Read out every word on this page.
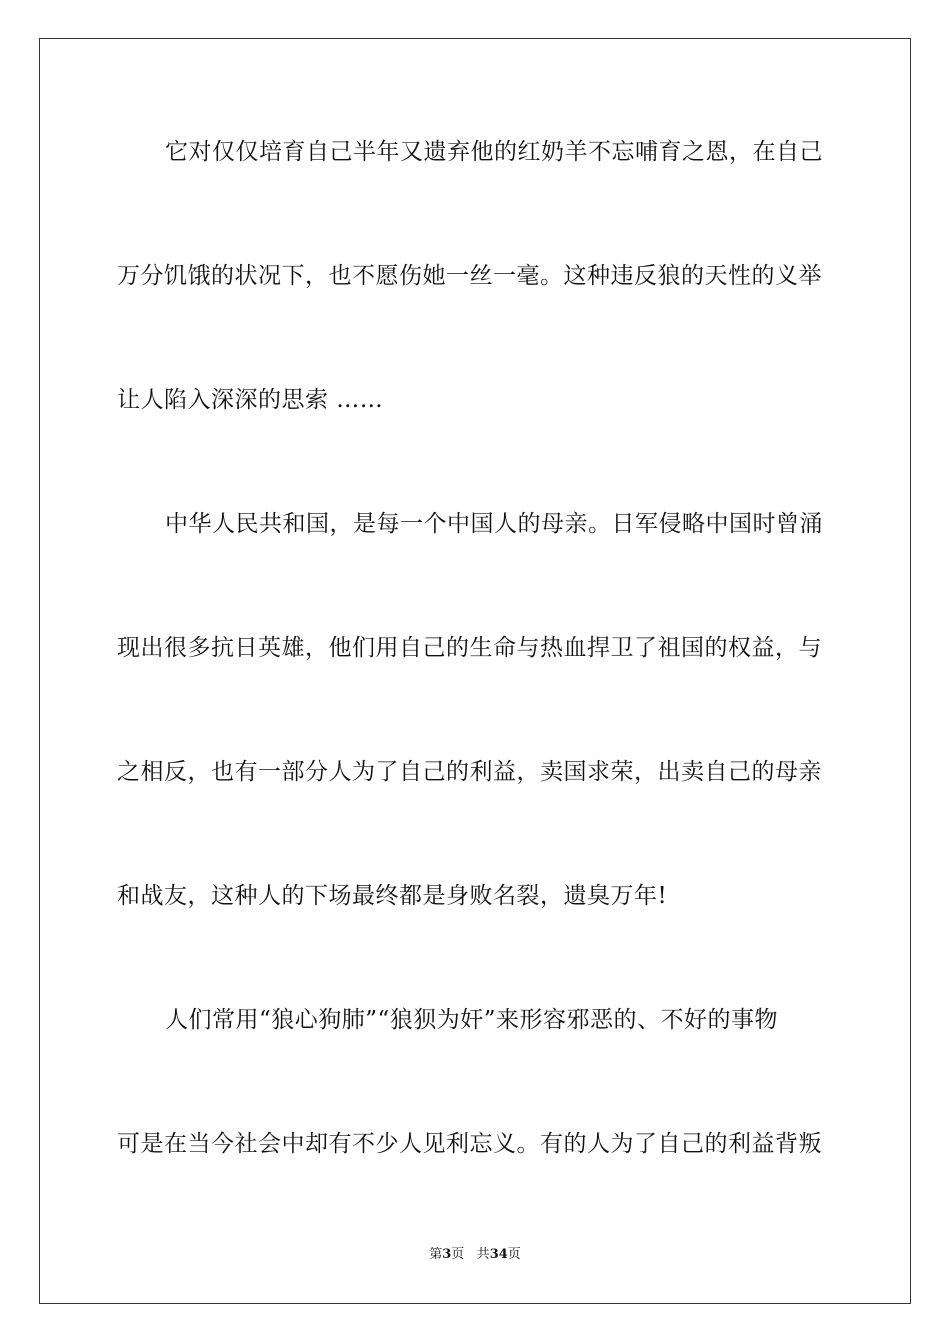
它对仅仅培育自己半年又遗弃他的红奶羊不忘哺育之恩，在自己
万分饥饿的状况下，也不愿伤她一丝一毫。这种违反狼的天性的义举
让人陷入深深的思索 ……
中华人民共和国，是每一个中国人的母亲。日军侵略中国时曾涌
现出很多抗日英雄，他们用自己的生命与热血捍卫了祖国的权益，与
之相反，也有一部分人为了自己的利益，卖国求荣，出卖自己的母亲
和战友，这种人的下场最终都是身败名裂，遗臭万年!
人们常用“狼心狗肺”“狼狈为奸”来形容邪恶的、不好的事物
可是在当今社会中却有不少人见利忘义。有的人为了自己的利益背叛
第3页 共34页
